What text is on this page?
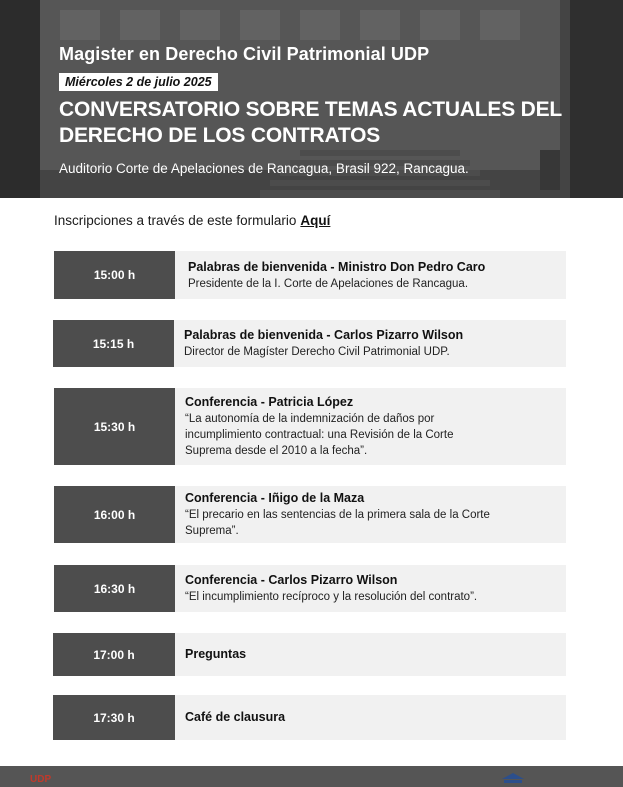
Magister en Derecho Civil Patrimonial UDP
Miércoles 2 de julio 2025
CONVERSATORIO SOBRE TEMAS ACTUALES DEL
DERECHO DE LOS CONTRATOS
Auditorio Corte de Apelaciones de Rancagua, Brasil 922, Rancagua.
Inscripciones a través de este formulario Aquí
15:00 h
Palabras de bienvenida - Ministro Don Pedro Caro
Presidente de la I. Corte de Apelaciones de Rancagua.
15:15 h
Palabras de bienvenida - Carlos Pizarro Wilson
Director de Magíster Derecho Civil Patrimonial UDP.
15:30 h
Conferencia - Patricia López
“La autonomía de la indemnización de daños por
incumplimiento contractual: una Revisión de la Corte
Suprema desde el 2010 a la fecha”.
16:00 h
Conferencia - Iñigo de la Maza
“El precario en las sentencias de la primera sala de la Corte
Suprema”.
16:30 h
Conferencia - Carlos Pizarro Wilson
“El incumplimiento recíproco y la resolución del contrato”.
17:00 h	Preguntas
17:30 h	Café de clausura
UDP
